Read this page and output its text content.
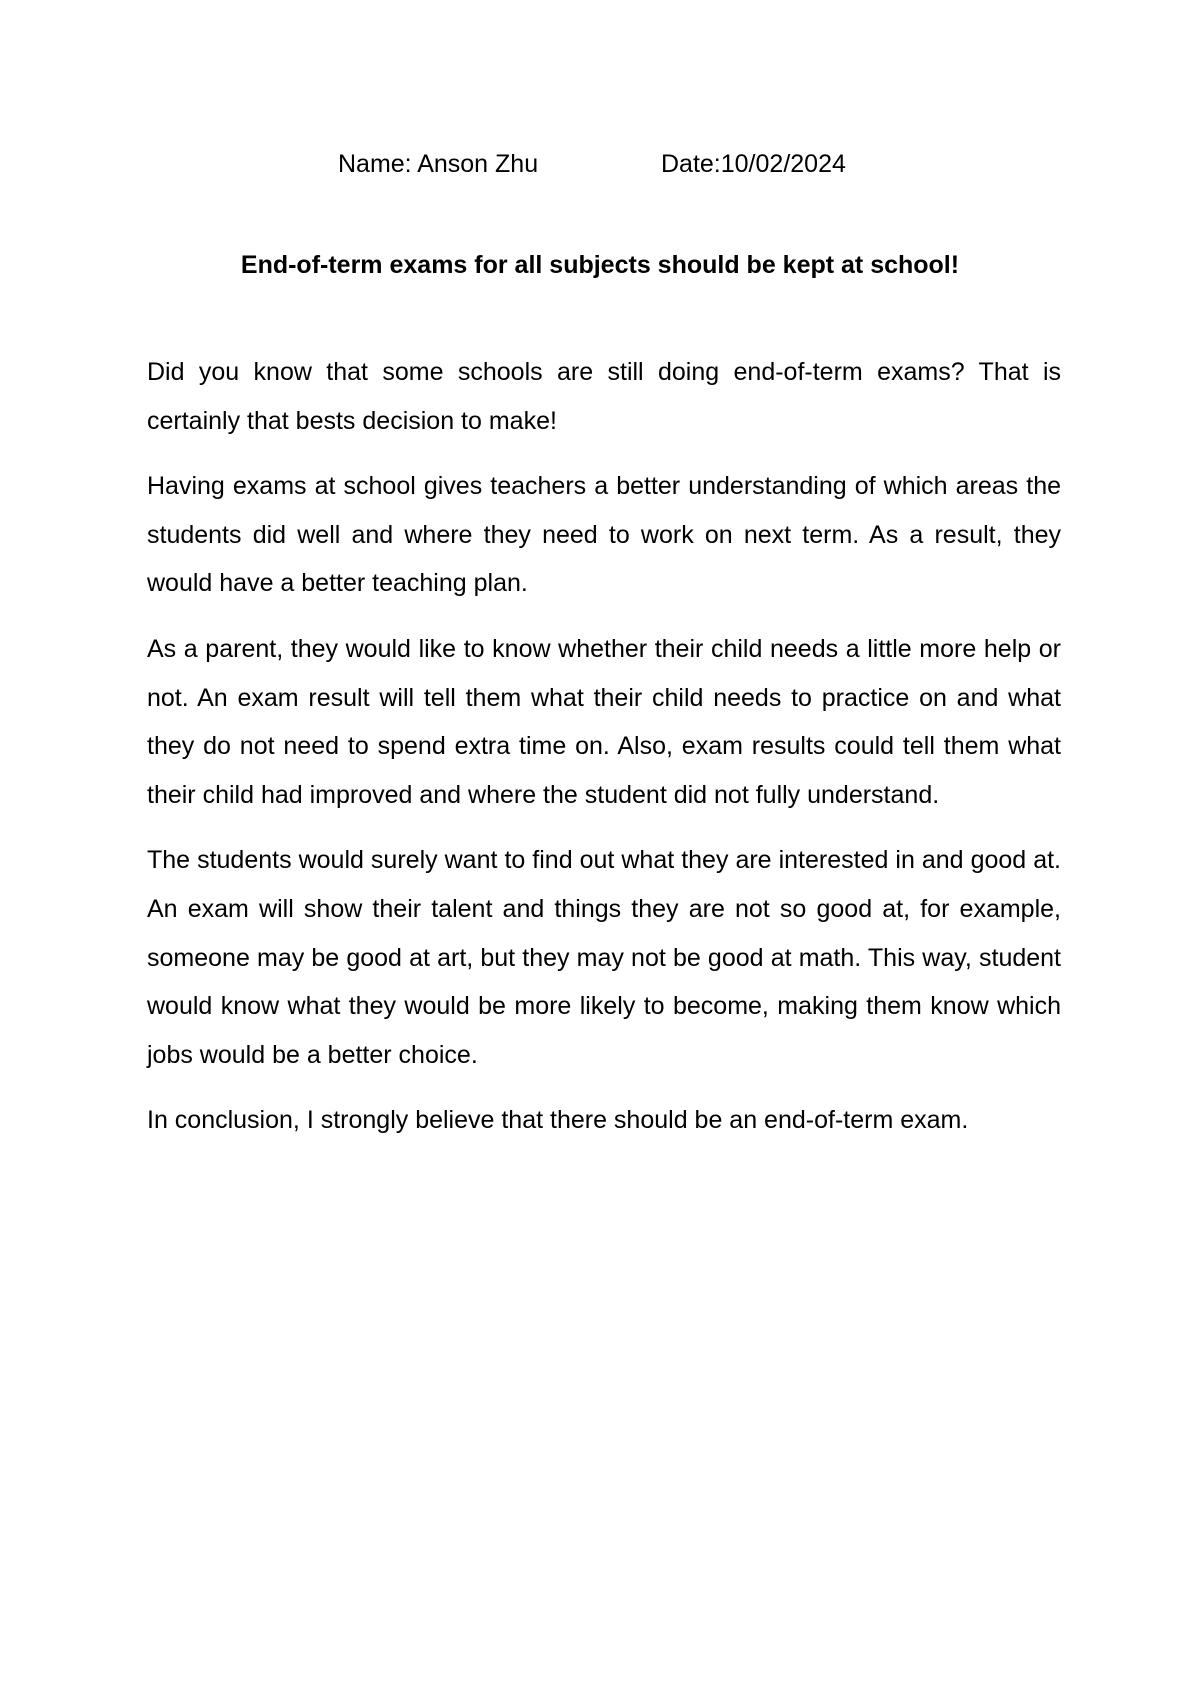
Name: Anson Zhu	Date:10/02/2024
End-of-term exams for all subjects should be kept at school!

Did you know that some schools are still doing end-of-term exams? That is certainly that bests decision to make!

Having exams at school gives teachers a better understanding of which areas the students did well and where they need to work on next term. As a result, they would have a better teaching plan.

As a parent, they would like to know whether their child needs a little more help or not. An exam result will tell them what their child needs to practice on and what they do not need to spend extra time on. Also, exam results could tell them what their child had improved and where the student did not fully understand.

The students would surely want to find out what they are interested in and good at. An exam will show their talent and things they are not so good at, for example, someone may be good at art, but they may not be good at math. This way, student would know what they would be more likely to become, making them know which jobs would be a better choice.

In conclusion, I strongly believe that there should be an end-of-term exam.
